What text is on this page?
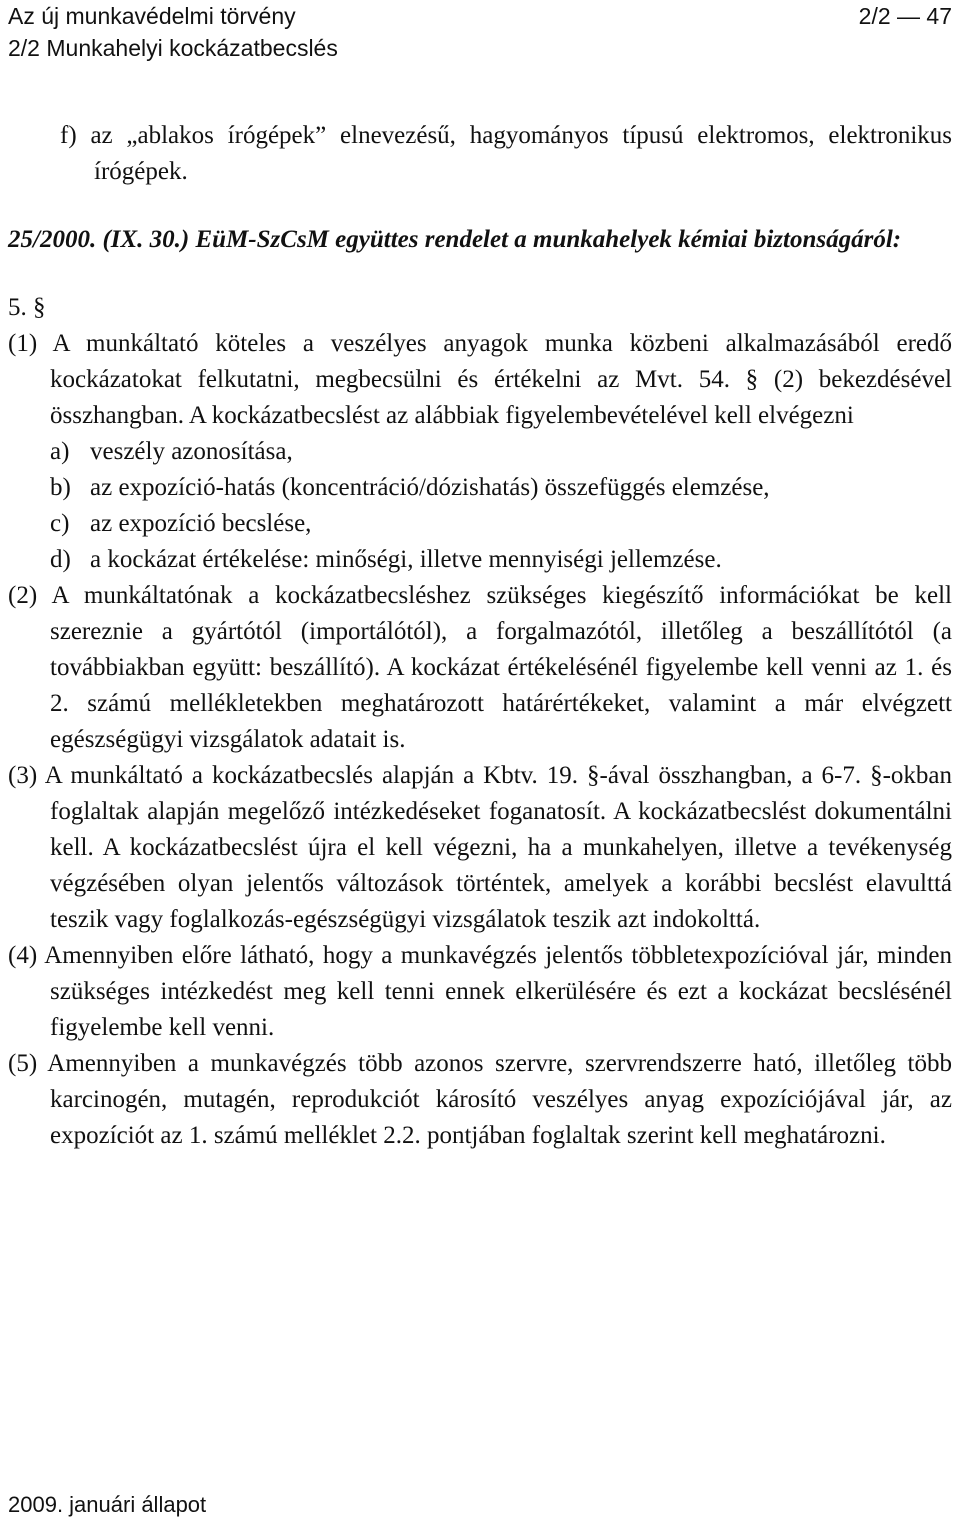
Az új munkavédelmi törvény	2/2 — 47
2/2 Munkahelyi kockázatbecslés

f) az „ablakos írógépek” elnevezésű, hagyományos típusú elektromos, elektronikus írógépek.

25/2000. (IX. 30.) EüM-SzCsM együttes rendelet a munkahelyek kémiai biztonságáról:

5. §

(1) A munkáltató köteles a veszélyes anyagok munka közbeni alkalmazásából eredő kockázatokat felkutatni, megbecsülni és értékelni az Mvt. 54. § (2) bekezdésével összhangban. A kockázatbecslést az alábbiak figyelembevételével kell elvégezni

a) veszély azonosítása,

b) az expozíció-hatás (koncentráció/dózishatás) összefüggés elemzése,

c) az expozíció becslése,

d) a kockázat értékelése: minőségi, illetve mennyiségi jellemzése.

(2) A munkáltatónak a kockázatbecsléshez szükséges kiegészítő információkat be kell szereznie a gyártótól (importálótól), a forgalmazótól, illetőleg a beszállítótól (a továbbiakban együtt: beszállító). A kockázat értékelésénél figyelembe kell venni az 1. és 2. számú mellékletekben meghatározott határértékeket, valamint a már elvégzett egészségügyi vizsgálatok adatait is.

(3) A munkáltató a kockázatbecslés alapján a Kbtv. 19. §-ával összhangban, a 6-7. §-okban foglaltak alapján megelőző intézkedéseket foganatosít. A kockázatbecslést dokumentálni kell. A kockázatbecslést újra el kell végezni, ha a munkahelyen, illetve a tevékenység végzésében olyan jelentős változások történtek, amelyek a korábbi becslést elavulttá teszik vagy foglalkozás-egészségügyi vizsgálatok teszik azt indokolttá.

(4) Amennyiben előre látható, hogy a munkavégzés jelentős többletexpozícióval jár, minden szükséges intézkedést meg kell tenni ennek elkerülésére és ezt a kockázat becslésénél figyelembe kell venni.

(5) Amennyiben a munkavégzés több azonos szervre, szervrendszerre ható, illetőleg több karcinogén, mutagén, reprodukciót károsító veszélyes anyag expozíciójával jár, az expozíciót az 1. számú melléklet 2.2. pontjában foglaltak szerint kell meghatározni.

2009. januári állapot
